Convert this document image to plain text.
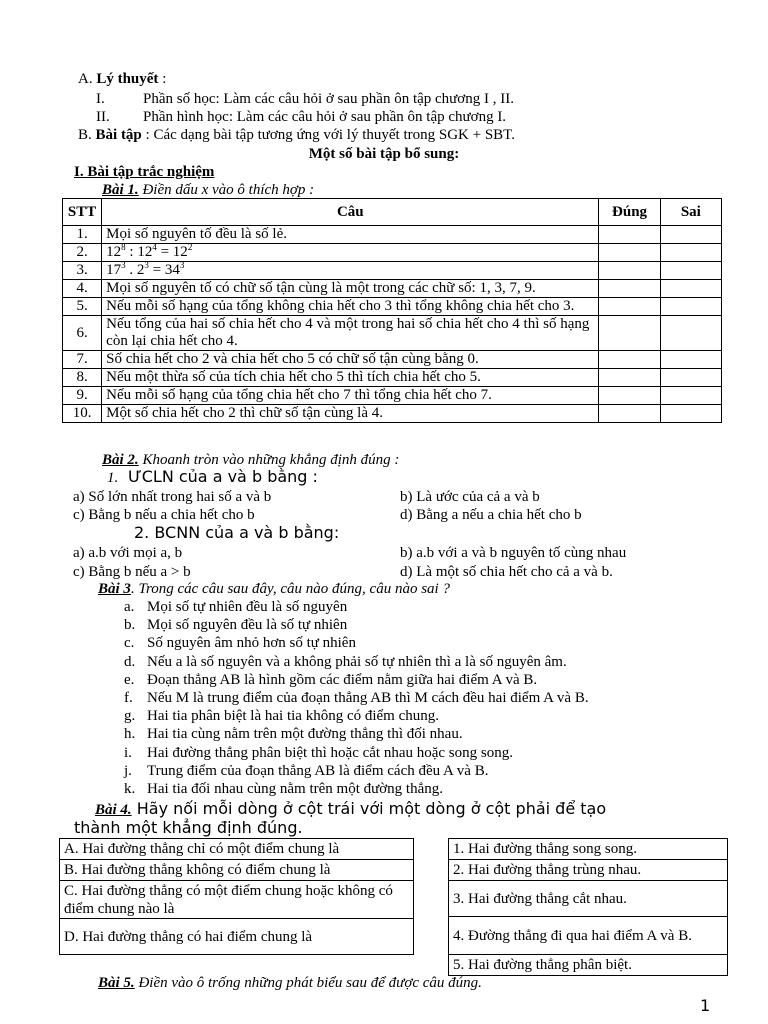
A. Lý thuyết :
I.	Phần số học: Làm các câu hỏi ở sau phần ôn tập chương I , II.
II. Phần hình học: Làm các câu hỏi ở sau phần ôn tập chương I.
B. Bài tập : Các dạng bài tập tương ứng với lý thuyết trong SGK + SBT.
Một số bài tập bổ sung:
I. Bài tập trắc nghiệm
Bài 1. Điền dấu x vào ô thích hợp :
STT	Câu	Đúng	Sai
1.	Mọi số nguyên tố đều là số lẻ.		
2.	$12^8$ : $12^4 = 12^2$		
3.	$17^3$ . $2^3 = 34^3$		
4.	Mọi số nguyên tố có chữ số tận cùng là một trong các chữ số: 1, 3, 7, 9.		
5.	Nếu mỗi số hạng của tổng không chia hết cho 3 thì tổng không chia hết cho 3.		
6.	Nếu tổng của hai số chia hết cho 4 và một trong hai số chia hết cho 4 thì số hạng còn lại chia hết cho 4.		
7.	Số chia hết cho 2 và chia hết cho 5 có chữ số tận cùng bằng 0.		
8.	Nếu một thừa số của tích chia hết cho 5 thì tích chia hết cho 5.		
9.	Nếu mỗi số hạng của tổng chia hết cho 7 thì tổng chia hết cho 7.		
10.	Một số chia hết cho 2 thì chữ số tận cùng là 4.		
Bài 2. Khoanh tròn vào những khẳng định đúng :
1. ƯCLN của a và b bằng :
a) Số lớn nhất trong hai số a và b	b) Là ước của cả a và b
c) Bằng b nếu a chia hết cho b	d) Bằng a nếu a chia hết cho b
2. BCNN của a và b bằng:
a) a.b với mọi a, b	b) a.b với a và b nguyên tố cùng nhau
c) Bằng b nếu a > b	d) Là một số chia hết cho cả a và b.
Bài 3. Trong các câu sau đây, câu nào đúng, câu nào sai ?
a. Mọi số tự nhiên đều là số nguyên
b. Mọi số nguyên đều là số tự nhiên
c. Số nguyên âm nhỏ hơn số tự nhiên
d. Nếu a là số nguyên và a không phải số tự nhiên thì a là số nguyên âm.
e. Đoạn thẳng AB là hình gồm các điểm nằm giữa hai điểm A và B.
f. Nếu M là trung điểm của đoạn thẳng AB thì M cách đều hai điểm A và B.
g. Hai tia phân biệt là hai tia không có điểm chung.
h. Hai tia cùng nằm trên một đường thẳng thì đối nhau.
i. Hai đường thẳng phân biệt thì hoặc cắt nhau hoặc song song.
j. Trung điểm của đoạn thẳng AB là điểm cách đều A và B.
k. Hai tia đối nhau cùng nằm trên một đường thẳng.
Bài 4. Hãy nối mỗi dòng ở cột trái với một dòng ở cột phải để tạo
thành một khẳng định đúng.
A. Hai đường thẳng chỉ có một điểm chung là
B. Hai đường thẳng không có điểm chung là
C. Hai đường thẳng có một điểm chung hoặc không có điểm chung nào là
D. Hai đường thẳng có hai điểm chung là
1. Hai đường thẳng song song.
2. Hai đường thẳng trùng nhau.
3. Hai đường thẳng cắt nhau.
4. Đường thẳng đi qua hai điểm A và B.
5. Hai đường thẳng phân biệt.
Bài 5. Điền vào ô trống những phát biểu sau để được câu đúng.
1
